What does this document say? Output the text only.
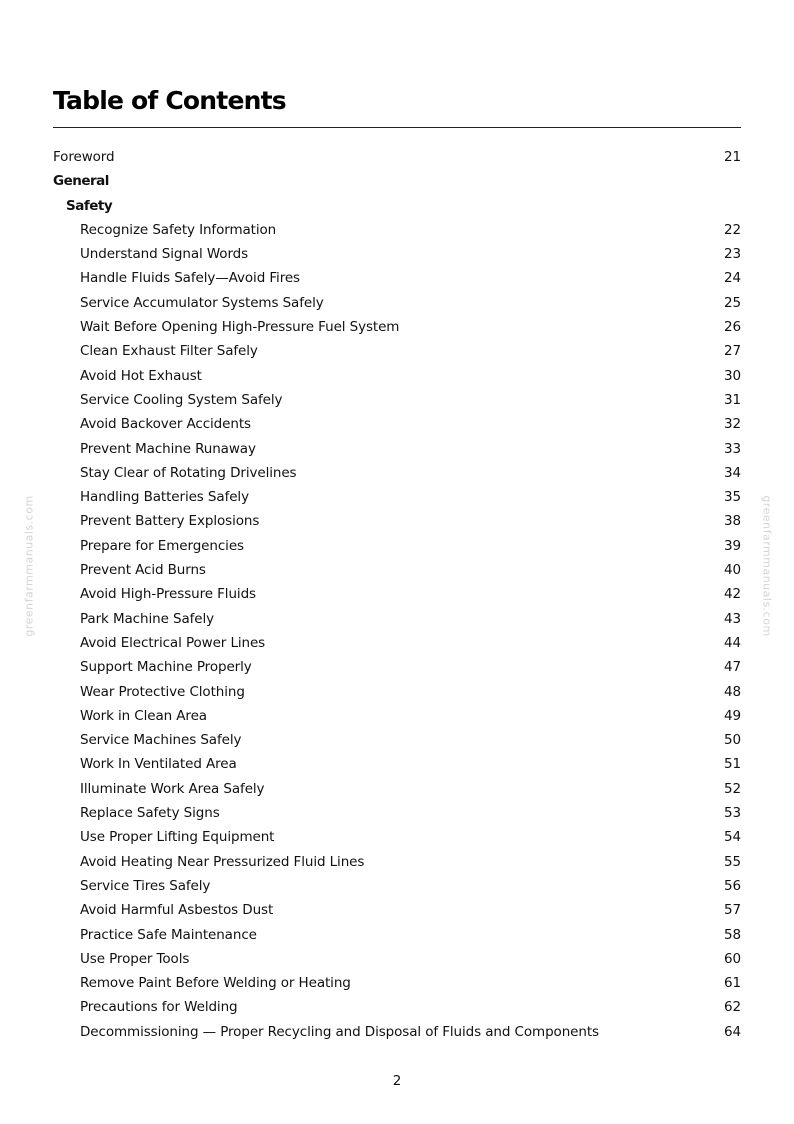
Table of Contents
Foreword	21
General
Safety
Recognize Safety Information	22
Understand Signal Words	23
Handle Fluids Safely—Avoid Fires	24
Service Accumulator Systems Safely	25
Wait Before Opening High-Pressure Fuel System	26
Clean Exhaust Filter Safely	27
Avoid Hot Exhaust	30
Service Cooling System Safely	31
Avoid Backover Accidents	32
Prevent Machine Runaway	33
Stay Clear of Rotating Drivelines	34
Handling Batteries Safely	35
Prevent Battery Explosions	38
Prepare for Emergencies	39
Prevent Acid Burns	40
Avoid High-Pressure Fluids	42
Park Machine Safely	43
Avoid Electrical Power Lines	44
Support Machine Properly	47
Wear Protective Clothing	48
Work in Clean Area	49
Service Machines Safely	50
Work In Ventilated Area	51
Illuminate Work Area Safely	52
Replace Safety Signs	53
Use Proper Lifting Equipment	54
Avoid Heating Near Pressurized Fluid Lines	55
Service Tires Safely	56
Avoid Harmful Asbestos Dust	57
Practice Safe Maintenance	58
Use Proper Tools	60
Remove Paint Before Welding or Heating	61
Precautions for Welding	62
Decommissioning — Proper Recycling and Disposal of Fluids and Components	64
greenfarmmanuals.com	greenfarmmanuals.com
2
